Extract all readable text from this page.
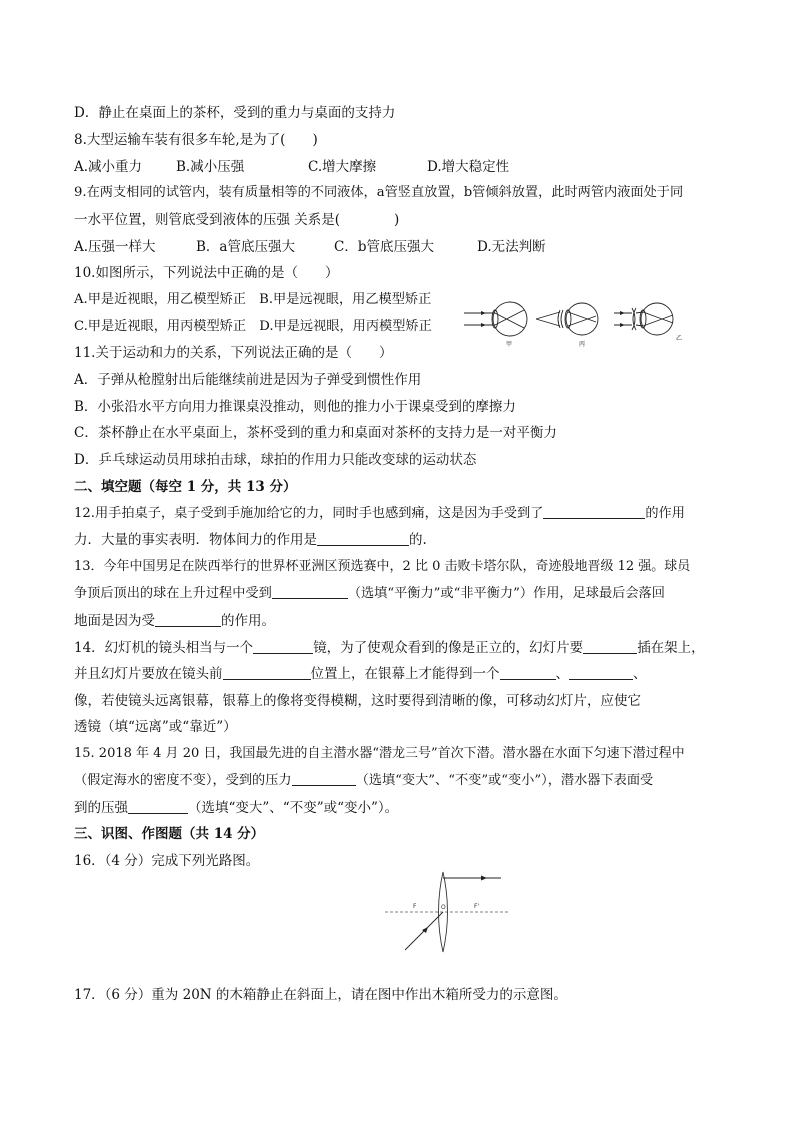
D．静止在桌面上的茶杯，受到的重力与桌面的支持力
8.大型运输车装有很多车轮,是为了(　　)
A.减小重力	B.减小压强	C.增大摩擦	D.增大稳定性
9.在两支相同的试管内，装有质量相等的不同液体，a管竖直放置，b管倾斜放置，此时两管内液面处于同
一水平位置，则管底受到液体的压强 关系是(　　　　)
A.压强一样大	B．a管底压强大	C．b管底压强大	D.无法判断
10.如图所示，下列说法中正确的是（　　）
A.甲是近视眼，用乙模型矫正　B.甲是远视眼，用乙模型矫正
C.甲是近视眼，用丙模型矫正　D.甲是远视眼，用丙模型矫正
甲	丙
乙
11.关于运动和力的关系，下列说法正确的是（　　）
A．子弹从枪膛射出后能继续前进是因为子弹受到惯性作用
B．小张沿水平方向用力推课桌没推动，则他的推力小于课桌受到的摩擦力
C．茶杯静止在水平桌面上，茶杯受到的重力和桌面对茶杯的支持力是一对平衡力
D．乒乓球运动员用球拍击球，球拍的作用力只能改变球的运动状态
二、填空题（每空 1 分，共 13 分）
12.用手拍桌子，桌子受到手施加给它的力，同时手也感到痛，这是因为手受到了	的作用
力．大量的事实表明．物体间力的作用是	的.
13．今年中国男足在陕西举行的世界杯亚洲区预选赛中，2 比 0 击败卡塔尔队，奇迹般地晋级 12 强。球员
争顶后顶出的球在上升过程中受到	（选填“平衡力”或“非平衡力”）作用，足球最后会落回
地面是因为受	的作用。
14．幻灯机的镜头相当与一个	镜，为了使观众看到的像是正立的，幻灯片要	插在架上，
并且幻灯片要放在镜头前	位置上，在银幕上才能得到一个	、	、
像，若使镜头远离银幕，银幕上的像将变得模糊，这时要得到清晰的像，可移动幻灯片，应使它
透镜（填“远离”或“靠近”）
15. 2018 年 4 月 20 日，我国最先进的自主潜水器“潜龙三号”首次下潜。潜水器在水面下匀速下潜过程中
（假定海水的密度不变），受到的压力	（选填“变大”、“不变”或“变小”），潜水器下表面受
到的压强	（选填“变大”、“不变”或“变小”）。
三、识图、作图题（共 14 分）
16．（4 分）完成下列光路图。
F	O	F'
17．（6 分）重为 20N 的木箱静止在斜面上，请在图中作出木箱所受力的示意图。
